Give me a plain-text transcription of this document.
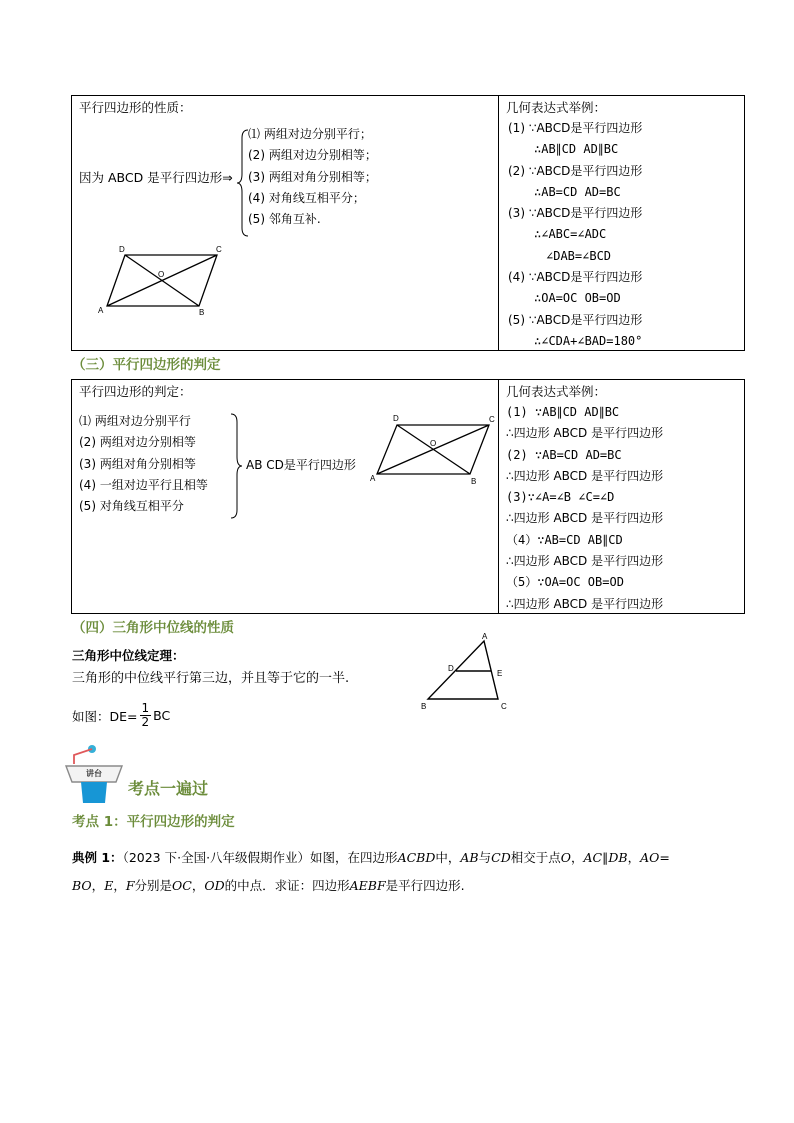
平行四边形的性质：
因为 ABCD 是平行四边形⇒
⑴ 两组对边分别平行；
(2) 两组对边分别相等；
(3) 两组对角分别相等；
(4) 对角线互相平分；
(5) 邻角互补.
D	C
O
A	B
几何表达式举例：
(1) ∵ABCD是平行四边形
∴AB∥CD AD∥BC
(2) ∵ABCD是平行四边形
∴AB=CD AD=BC
(3) ∵ABCD是平行四边形
∴∠ABC=∠ADC
∠DAB=∠BCD
(4) ∵ABCD是平行四边形
∴OA=OC OB=OD
(5) ∵ABCD是平行四边形
∴∠CDA+∠BAD=180°
（三）平行四边形的判定
平行四边形的判定：
⑴ 两组对边分别平行
(2) 两组对边分别相等
(3) 两组对角分别相等
(4) 一组对边平行且相等
(5) 对角线互相平分
AB CD是平行四边形
D	C
O
A	B
几何表达式举例：
(1) ∵AB∥CD AD∥BC
∴四边形 ABCD 是平行四边形
(2) ∵AB=CD AD=BC
∴四边形 ABCD 是平行四边形
(3)∵∠A=∠B ∠C=∠D
∴四边形 ABCD 是平行四边形
（4）∵AB=CD AB∥CD
∴四边形 ABCD 是平行四边形
（5）∵OA=OC OB=OD
∴四边形 ABCD 是平行四边形
（四）三角形中位线的性质
三角形中位线定理：
三角形的中位线平行第三边，并且等于它的一半.
如图：$DE= \frac{1}{2}$ BC
A
D
E
B	C
讲台
考点一遍过
考点 1：平行四边形的判定
典例 1：（2023 下·全国·八年级假期作业）如图，在四边形ACBD中，AB与CD相交于点O，AC∥DB，AO=
BO，E，F分别是OC，OD的中点．求证：四边形AEBF是平行四边形.
